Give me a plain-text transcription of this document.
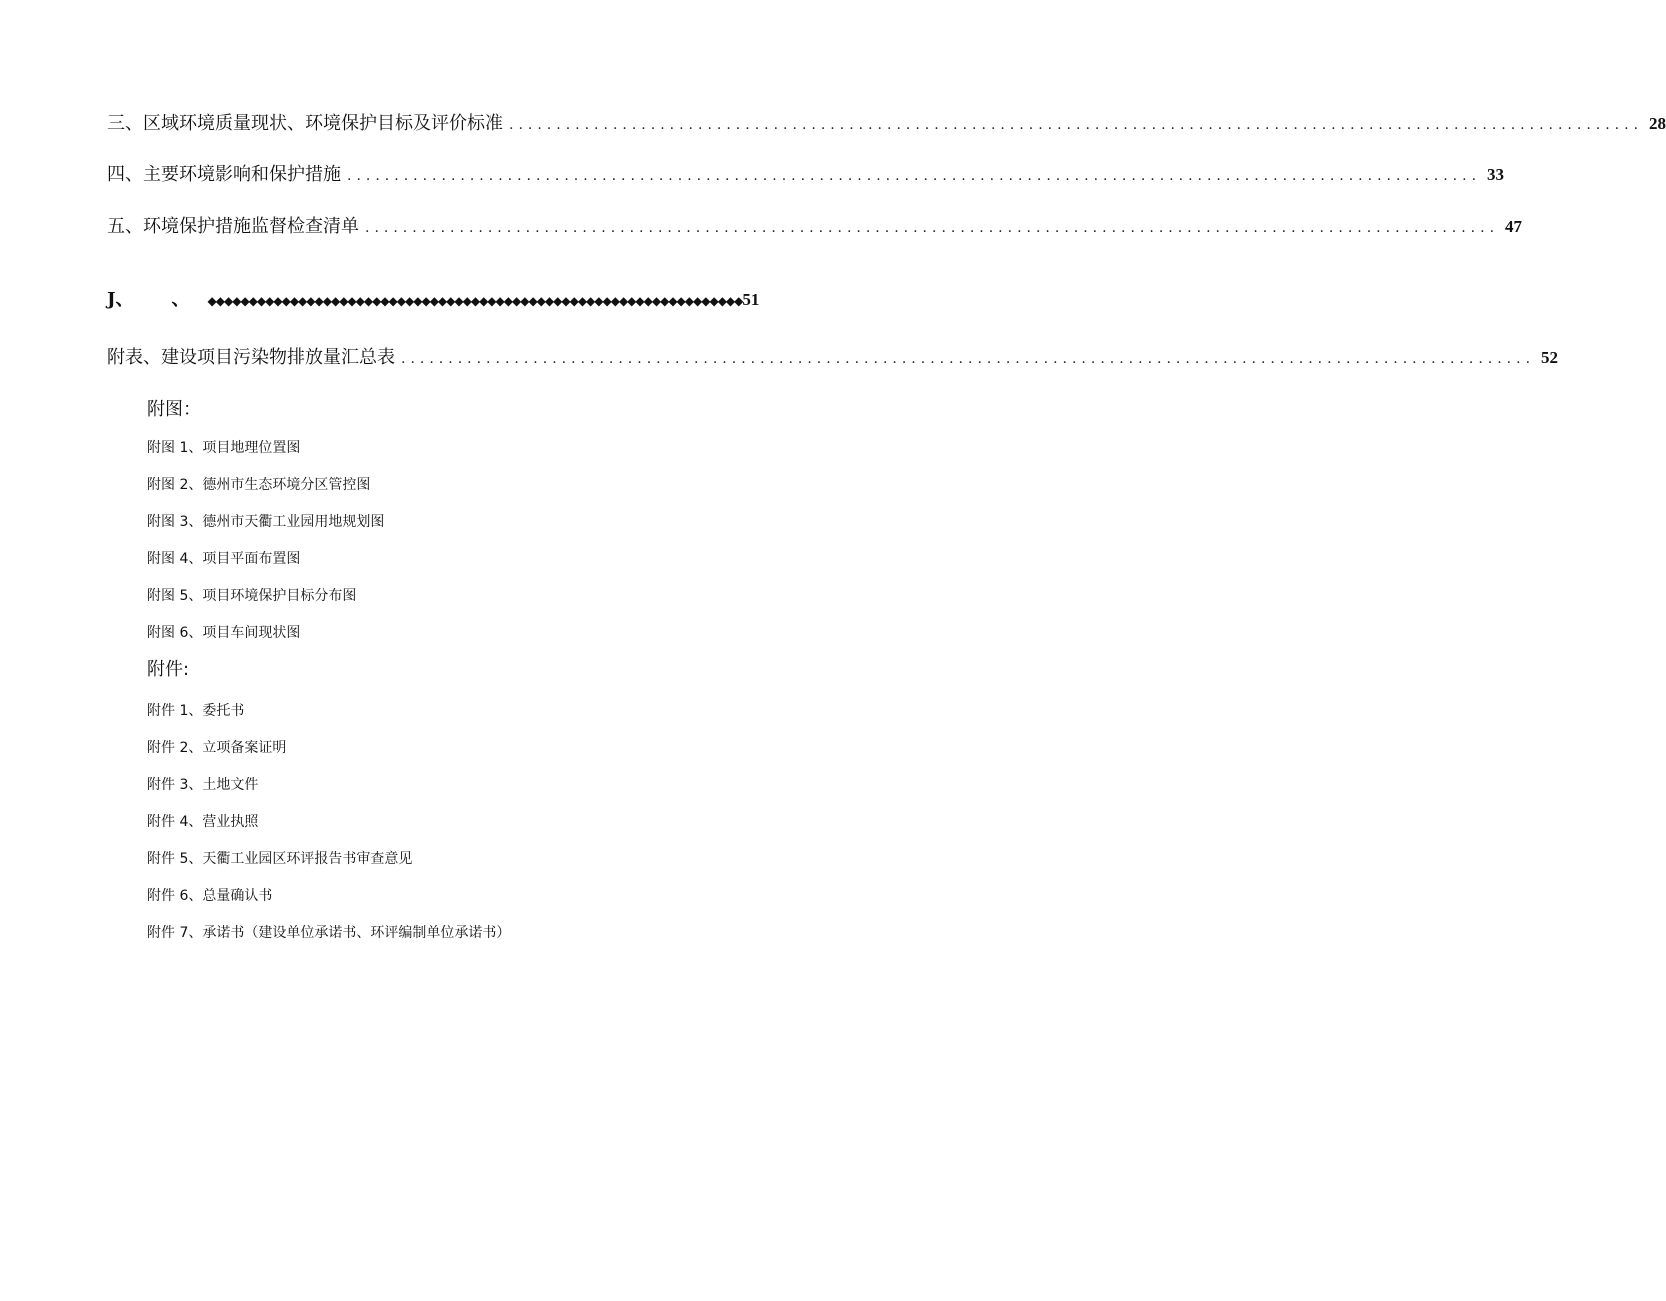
三、区域环境质量现状、环境保护目标及评价标准 ........................................................................................................................ 28
四、主要环境影响和保护措施 ........................................................................................................................ 33
五、环境保护措施监督检查清单 ........................................................................................................................ 47
J、 、 ◆◆◆◆◆◆◆◆◆◆◆◆◆◆◆◆◆◆◆◆◆◆◆◆◆◆◆◆◆◆◆◆◆◆◆◆◆◆◆◆◆◆◆◆◆◆◆◆◆◆◆◆◆◆◆◆◆◆◆◆◆◆◆◆◆ 51
附表、建设项目污染物排放量汇总表 ........................................................................................................................ 52
附图：
附图 1、项目地理位置图
附图 2、德州市生态环境分区管控图
附图 3、德州市天衢工业园用地规划图
附图 4、项目平面布置图
附图 5、项目环境保护目标分布图
附图 6、项目车间现状图
附件:
附件 1、委托书
附件 2、立项备案证明
附件 3、土地文件
附件 4、营业执照
附件 5、天衢工业园区环评报告书审查意见
附件 6、总量确认书
附件 7、承诺书（建设单位承诺书、环评编制单位承诺书）
